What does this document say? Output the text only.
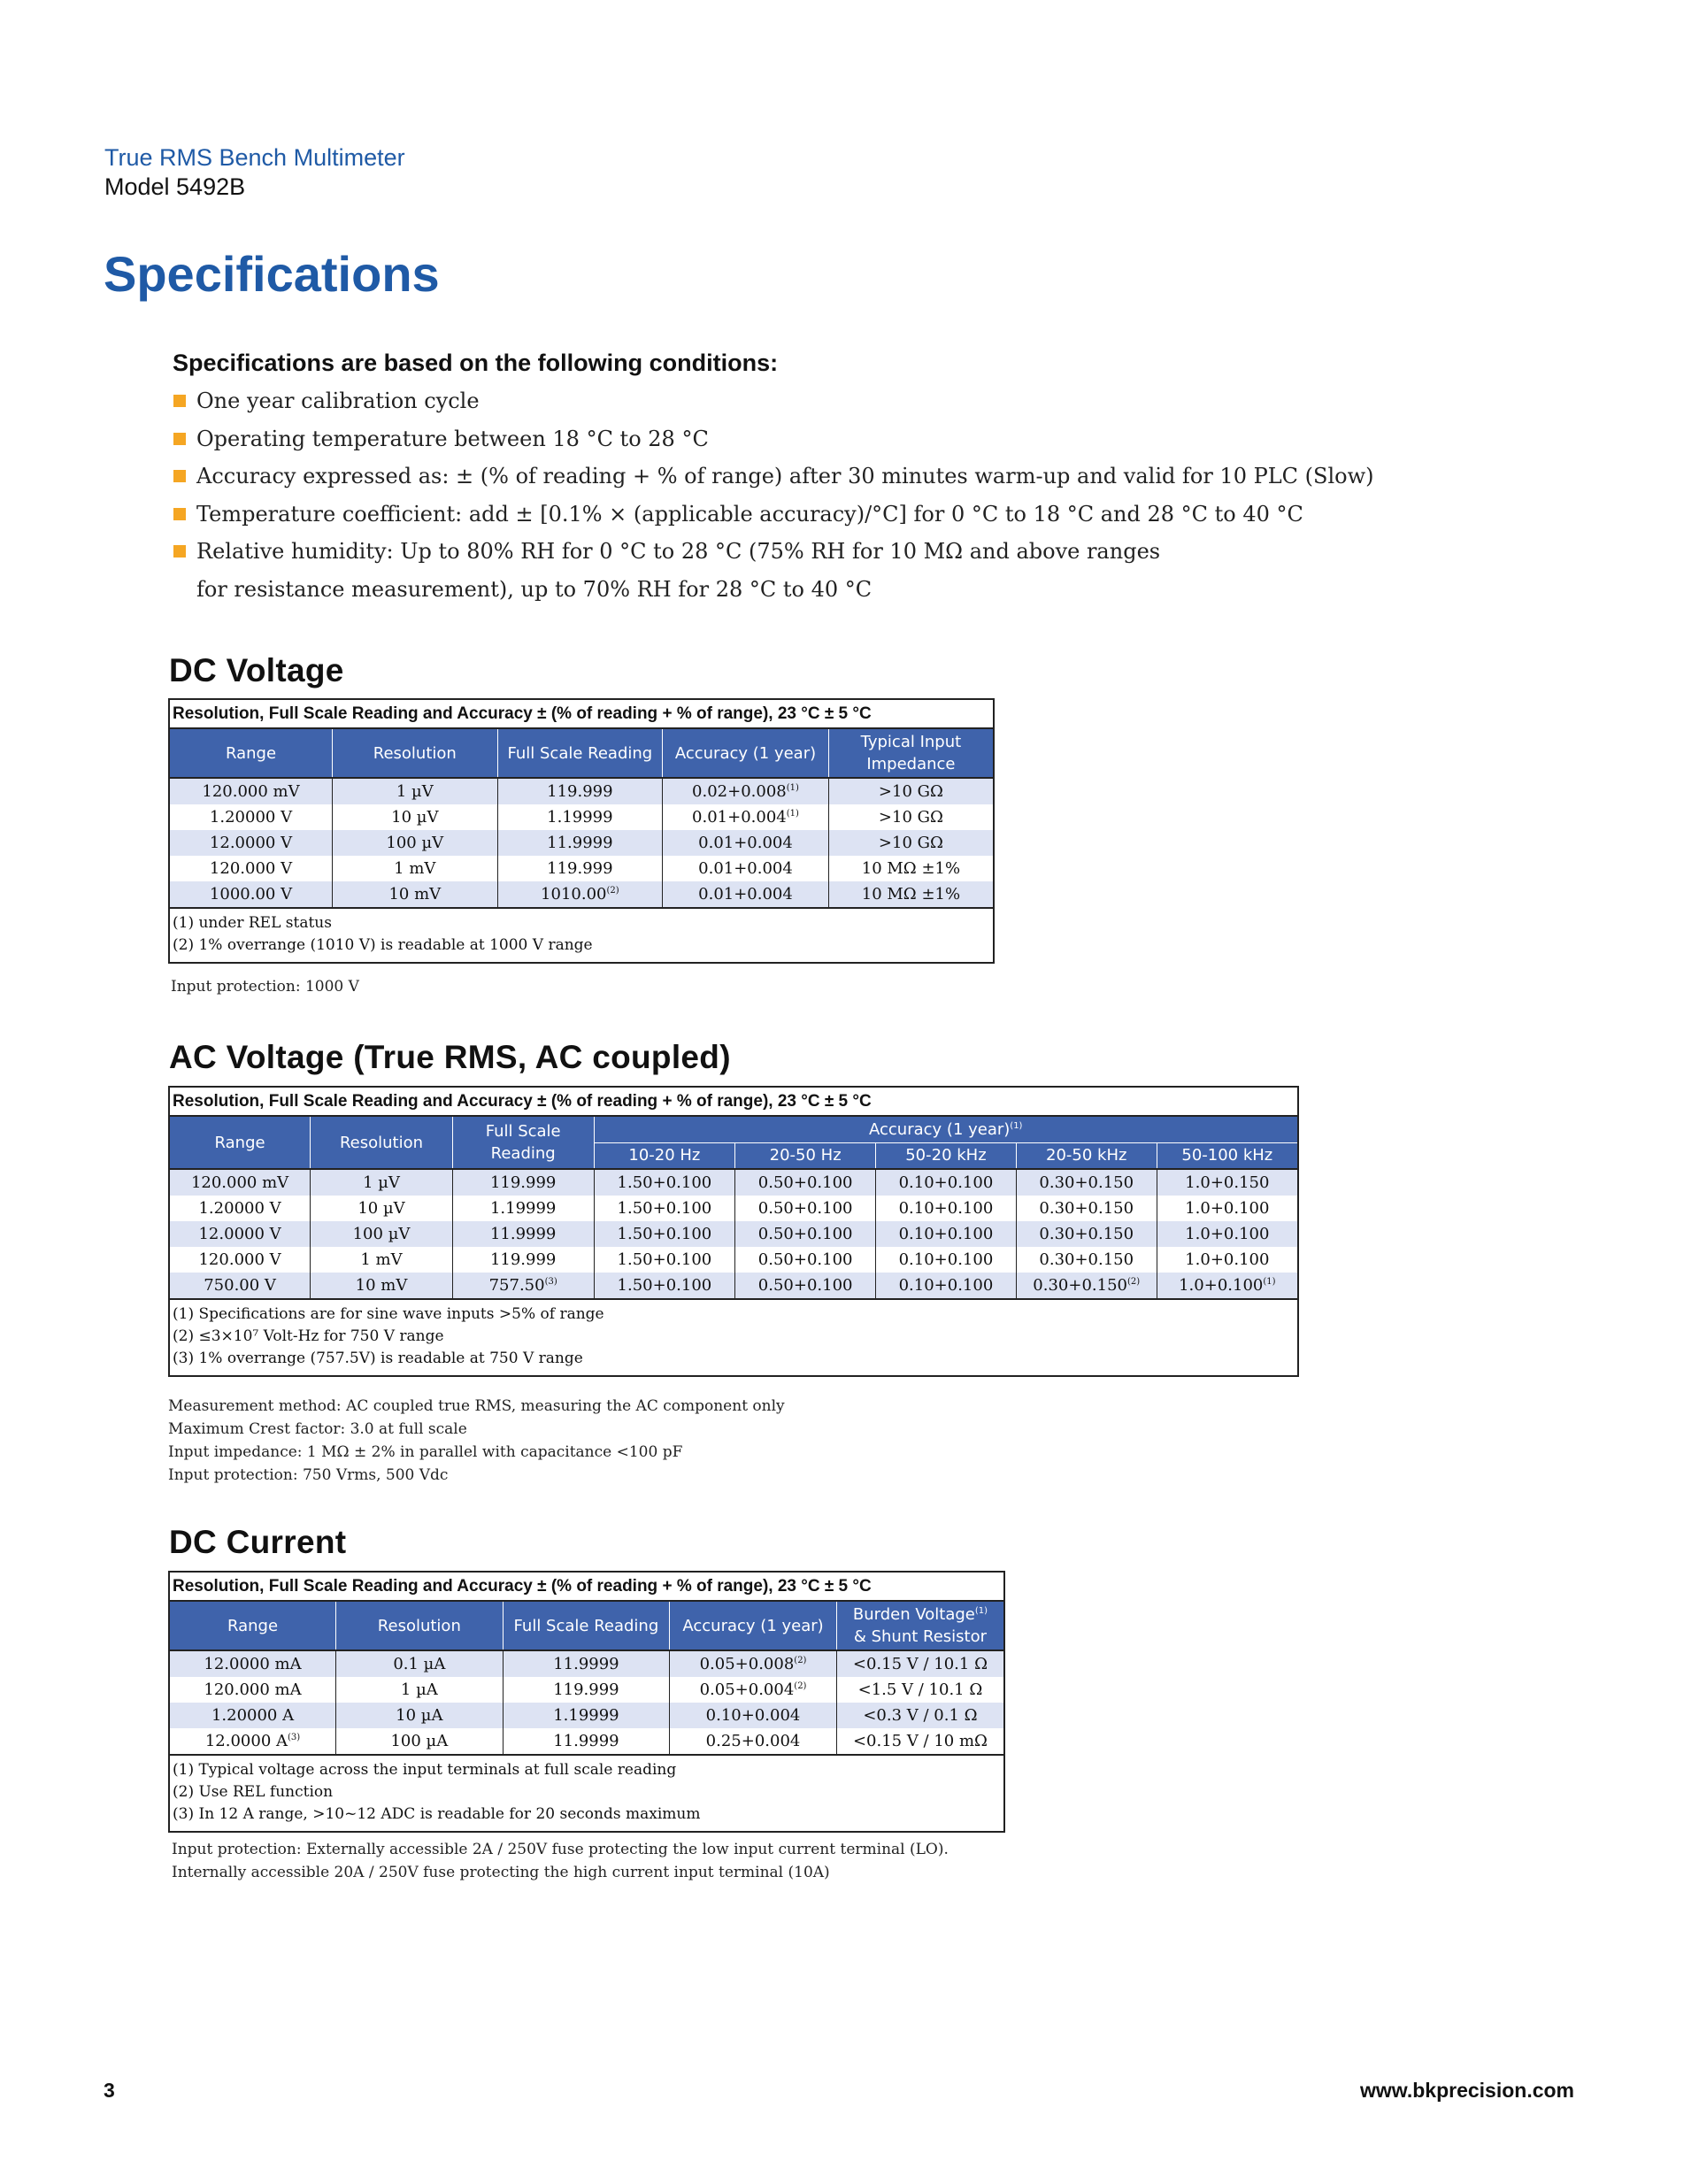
True RMS Bench Multimeter
Model 5492B
Specifications
Specifications are based on the following conditions:
One year calibration cycle
Operating temperature between 18 °C to 28 °C
Accuracy expressed as: ± (% of reading + % of range) after 30 minutes warm-up and valid for 10 PLC (Slow)
Temperature coefficient: add ± [0.1% × (applicable accuracy)/°C] for 0 °C to 18 °C and 28 °C to 40 °C
Relative humidity: Up to 80% RH for 0 °C to 28 °C (75% RH for 10 MΩ and above ranges
for resistance measurement), up to 70% RH for 28 °C to 40 °C
DC Voltage
Resolution, Full Scale Reading and Accuracy ± (% of reading + % of range), 23 °C ± 5 °C				
Range	Resolution	Full Scale Reading	Accuracy (1 year)	Typical Input Impedance
120.000 mV	1 µV	119.999	$0.02+0.008^{(1)}$	>10 GΩ
1.20000 V	10 µV	1.19999	$0.01+0.004^{(1)}$	>10 GΩ
12.0000 V	100 µV	11.9999	0.01+0.004	>10 GΩ
120.000 V	1 mV	119.999	0.01+0.004	10 MΩ ±1%
1000.00 V	10 mV	1010.00$^{(2)}$	0.01+0.004	10 MΩ ±1%

(1) under REL status
(2) 1% overrange (1010 V) is readable at 1000 V range				
Input protection: 1000 V
AC Voltage (True RMS, AC coupled)
Resolution, Full Scale Reading and Accuracy ± (% of reading + % of range), 23 °C ± 5 °C							
Range	Resolution	Full Scale Reading	Accuracy (1 year)$^{(1)}$
			10-20 Hz	20-50 Hz	50-20 kHz	20-50 kHz	50-100 kHz
120.000 mV	1 µV	119.999	1.50+0.100	0.50+0.100	0.10+0.100	0.30+0.150	1.0+0.150
1.20000 V	10 µV	1.19999	1.50+0.100	0.50+0.100	0.10+0.100	0.30+0.150	1.0+0.100
12.0000 V	100 µV	11.9999	1.50+0.100	0.50+0.100	0.10+0.100	0.30+0.150	1.0+0.100
120.000 V	1 mV	119.999	1.50+0.100	0.50+0.100	0.10+0.100	0.30+0.150	1.0+0.100
750.00 V	10 mV	757.50$^{(3)}$	1.50+0.100	0.50+0.100	0.10+0.100	$0.30+0.150^{(2)}$	$1.0+0.100^{(1)}$

(1) Specifications are for sine wave inputs >5% of range
(2) ≤3×10⁷ Volt-Hz for 750 V range
(3) 1% overrange (757.5V) is readable at 750 V range							
Measurement method: AC coupled true RMS, measuring the AC component only
Maximum Crest factor: 3.0 at full scale
Input impedance: 1 MΩ ± 2% in parallel with capacitance <100 pF
Input protection: 750 Vrms, 500 Vdc
DC Current
Resolution, Full Scale Reading and Accuracy ± (% of reading + % of range), 23 °C ± 5 °C				
Range	Resolution	Full Scale Reading	Accuracy (1 year)	Burden Voltage$^{(1)}$
& Shunt Resistor
12.0000 mA	0.1 µA	11.9999	$0.05+0.008^{(2)}$	<0.15 V / 10.1 Ω
120.000 mA	1 µA	119.999	$0.05+0.004^{(2)}$	<1.5 V / 10.1 Ω
1.20000 A	10 µA	1.19999	0.10+0.004	<0.3 V / 0.1 Ω
12.0000 $A^{(3)}$	100 µA	11.9999	0.25+0.004	<0.15 V / 10 mΩ

(1) Typical voltage across the input terminals at full scale reading
(2) Use REL function
(3) In 12 A range, >10~12 ADC is readable for 20 seconds maximum				
Input protection: Externally accessible 2A / 250V fuse protecting the low input current terminal (LO).
Internally accessible 20A / 250V fuse protecting the high current input terminal (10A)
3	www.bkprecision.com
